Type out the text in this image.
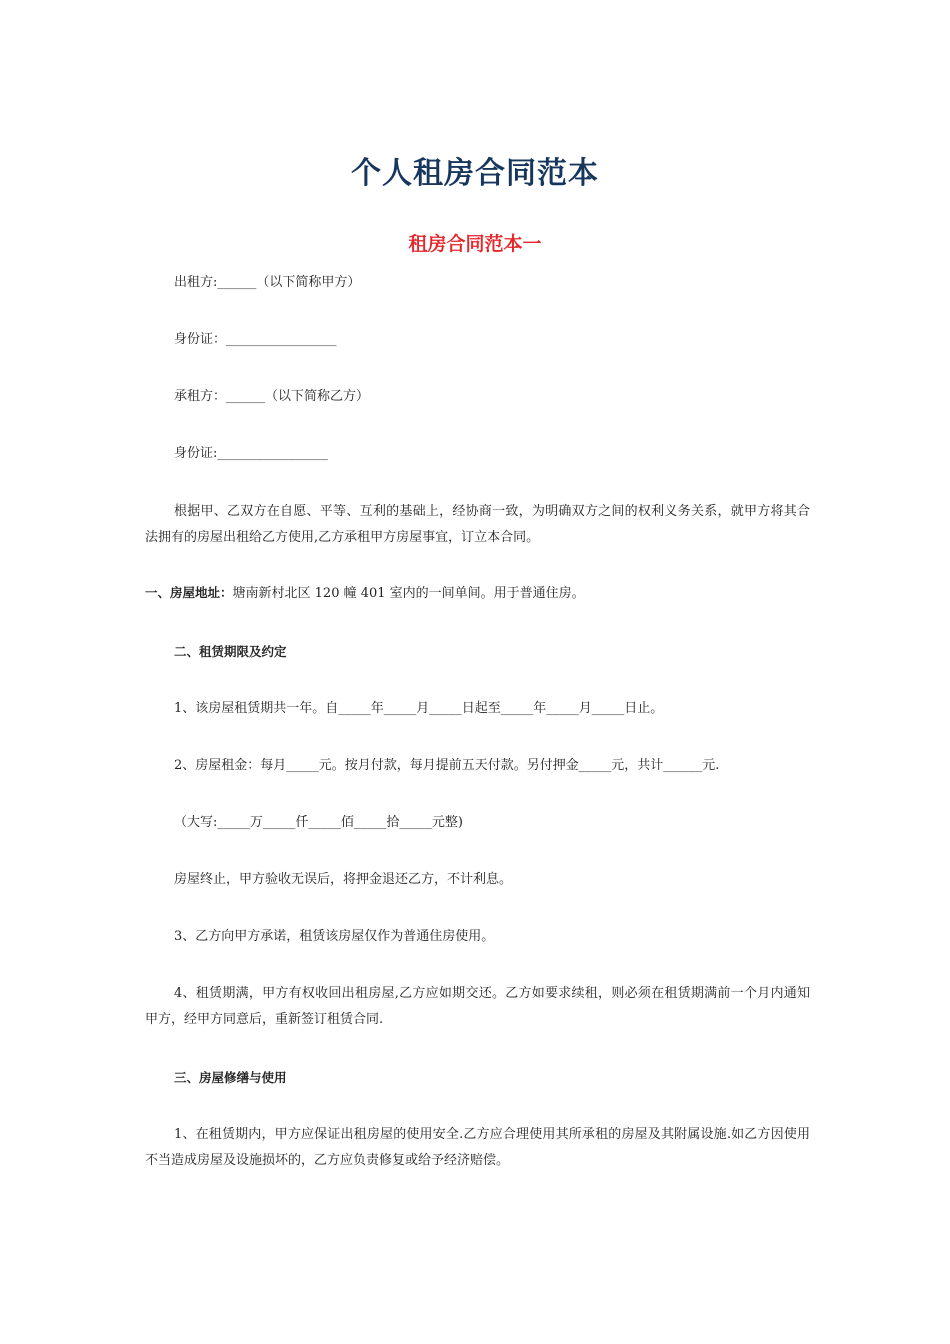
个人租房合同范本
租房合同范本一
出租方:______（以下简称甲方）
身份证：_________________
承租方：______（以下简称乙方）
身份证:_________________
根据甲、乙双方在自愿、平等、互利的基础上，经协商一致，为明确双方之间的权利义务关系，就甲方将其合法拥有的房屋出租给乙方使用,乙方承租甲方房屋事宜，订立本合同。
一、房屋地址：塘南新村北区 120 幢 401 室内的一间单间。用于普通住房。
二、租赁期限及约定
1、该房屋租赁期共一年。自_____年_____月_____日起至_____年_____月_____日止。
2、房屋租金：每月_____元。按月付款，每月提前五天付款。另付押金_____元，共计______元.
（大写:_____万_____仟_____佰_____拾_____元整)
房屋终止，甲方验收无误后，将押金退还乙方，不计利息。
3、乙方向甲方承诺，租赁该房屋仅作为普通住房使用。
4、租赁期满，甲方有权收回出租房屋,乙方应如期交还。乙方如要求续租，则必须在租赁期满前一个月内通知甲方，经甲方同意后，重新签订租赁合同.
三、房屋修缮与使用
1、在租赁期内，甲方应保证出租房屋的使用安全.乙方应合理使用其所承租的房屋及其附属设施.如乙方因使用不当造成房屋及设施损坏的，乙方应负责修复或给予经济赔偿。
